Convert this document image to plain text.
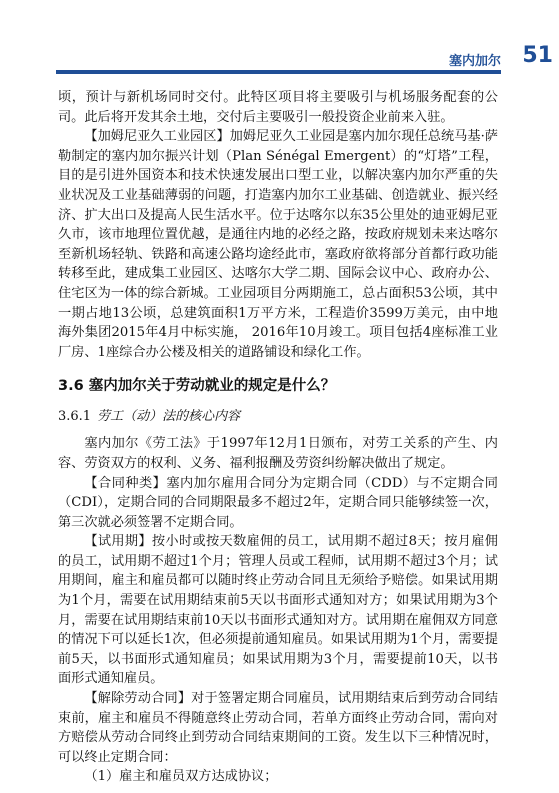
塞内加尔 51

顷，预计与新机场同时交付。此特区项目将主要吸引与机场服务配套的公司。此后将开发其余土地，交付后主要吸引一般投资企业前来入驻。

【加姆尼亚久工业园区】加姆尼亚久工业园是塞内加尔现任总统马基·萨勒制定的塞内加尔振兴计划（Plan Sénégal Emergent）的“灯塔”工程，目的是引进外国资本和技术快速发展出口型工业，以解决塞内加尔严重的失业状况及工业基础薄弱的问题，打造塞内加尔工业基础、创造就业、振兴经济、扩大出口及提高人民生活水平。位于达喀尔以东35公里处的迪亚姆尼亚久市，该市地理位置优越，是通往内地的必经之路，按政府规划未来达喀尔至新机场轻轨、铁路和高速公路均途经此市，塞政府欲将部分首都行政功能转移至此，建成集工业园区、达喀尔大学二期、国际会议中心、政府办公、住宅区为一体的综合新城。工业园项目分两期施工，总占面积53公顷，其中一期占地13公顷，总建筑面积1万平方米，工程造价3599万美元，由中地海外集团2015年4月中标实施， 2016年10月竣工。项目包括4座标准工业厂房、1座综合办公楼及相关的道路铺设和绿化工作。

3.6 塞内加尔关于劳动就业的规定是什么？
3.6.1 劳工（动）法的核心内容

塞内加尔《劳工法》于1997年12月1日颁布，对劳工关系的产生、内容、劳资双方的权利、义务、福利报酬及劳资纠纷解决做出了规定。

【合同种类】塞内加尔雇用合同分为定期合同（CDD）与不定期合同（CDI），定期合同的合同期限最多不超过2年，定期合同只能够续签一次，第三次就必须签署不定期合同。

【试用期】按小时或按天数雇佣的员工，试用期不超过8天；按月雇佣的员工，试用期不超过1个月；管理人员或工程师，试用期不超过3个月；试用期间，雇主和雇员都可以随时终止劳动合同且无须给予赔偿。如果试用期为1个月，需要在试用期结束前5天以书面形式通知对方；如果试用期为3个月，需要在试用期结束前10天以书面形式通知对方。试用期在雇佣双方同意的情况下可以延长1次，但必须提前通知雇员。如果试用期为1个月，需要提前5天，以书面形式通知雇员；如果试用期为3个月，需要提前10天，以书面形式通知雇员。

【解除劳动合同】对于签署定期合同雇员，试用期结束后到劳动合同结束前，雇主和雇员不得随意终止劳动合同，若单方面终止劳动合同，需向对方赔偿从劳动合同终止到劳动合同结束期间的工资。发生以下三种情况时，可以终止定期合同：

（1）雇主和雇员双方达成协议；
